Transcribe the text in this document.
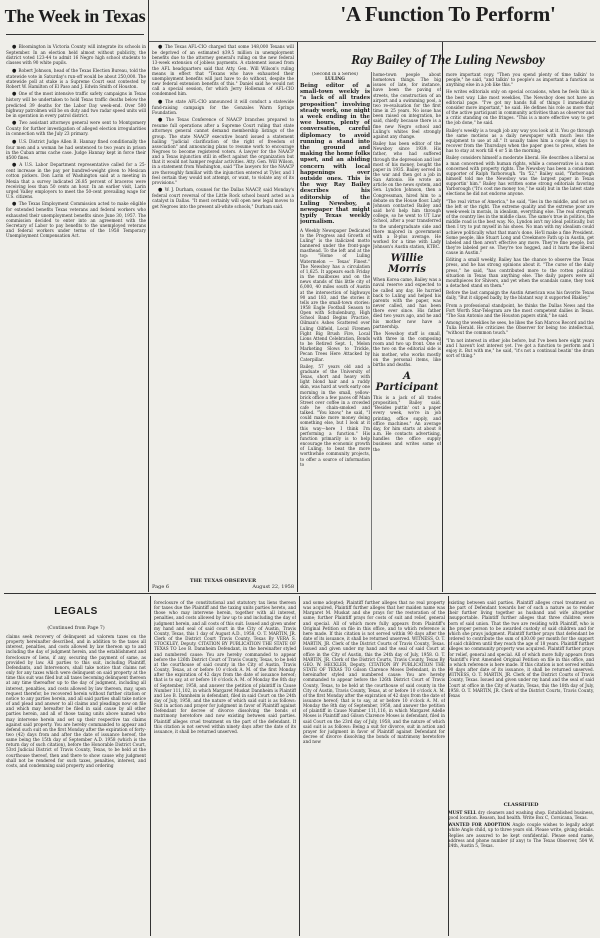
The Week in Texas

● Bloomington in Victoria County will integrate its schools in September. In an election held almost without publicity, the district voted 123-44 to admit 16 Negro high school students to classes with 90 white pupils.

● Robert Johnson, head of the Texas Election Bureau, told the statewide vote in Saturday's run-off would be about 250,000. The statewide poll at stake is a Supreme Court seat contested by Robert W. Hamilton of El Paso and J. Edwin Smith of Houston.

● One of the most intensive traffic safety campaigns in Texas history will be undertaken to hold Texas traffic deaths below the predicted 39 deaths for the Labor Day week-end. Over 500 highway patrolmen will be on duty and two radar speed units will be in operation in every patrol district.

● Two assistant attorneys general were sent to Montgomery County for further investigation of alleged election irregularities in connection with the July 23 primary.

● U.S. District Judge Allen B. Hannay fined conditionally the four men and a woman he had sentenced to two years in prison in the Cuban arms cache case. Judge Hannay kept in force their $500 fines.

● A U.S. Labor Department representative called for a 25-cent increase in the pay per hundred-weight given to Mexican cotton pickers. Don Larin of Washington said at a meeting in Mexia that a survey indicated 26.85 percent of braceros were receiving less than 50 cents an hour. In an earlier visit, Larin urged Valley employers to meet the 50-cent prevailing wage for U.S. citizens.

● The Texas Employment Commission acted to make eligible for extended benefits Texas veterans and federal workers who exhausted their unemployment benefits since June 30, 1957. The commission decided to enter into an agreement with the Secretary of Labor to pay benefits to the unemployed veterans and federal workers under terms of the 1958 Temporary Unemployment Compensation Act.

● The Texas AFL-CIO charged that some 148,000 Texans will be deprived of an estimated $39.5 million in unemployment benefits due to the attorney general's ruling on the new federal 13-week extension of jobless payments. A statement issued from the AFL headquarters said that Atty. Gen. Will Wilson's ruling means in effect that "Texans who have exhausted their unemployment benefits will just have to do without, despite the new federal extension benefits of this." Daniel said he would not call a special session, for which Jerry Holleman of AFL-CIO condemned him.

● The state AFL-CIO announced it will conduct a statewide fund-raising campaign for the Gonzales Warm Springs Foundation.

● The Texas Conference of NAACP branches prepared to resume full operations after a Supreme Court ruling that state attorneys general cannot demand membership listings of the group. The state NAACP executive board issued a statement hailing "judicial clarification of the right of freedom of association" and announcing plans to resume work to encourage Negroes to become registered voters. A lawyer for the NAACP and a Texas injunction still in effect against the organization but that it would not hamper regular activities. Atty. Gen. Will Wilson, in a statement from Washington, said "The lawyers for the NAACP are thoroughly familiar with the injunction entered at Tyler, and I feel certain they would not attempt, or want, to violate any of its provisions."

● W. J. Durham, counsel for the Dallas NAACP, said Monday's federal court reversal of the Little Rock school board acted as a catalyst in Dallas. "It most certainly will open new legal moves to get Negroes into the present all-white schools," Durham said.

THE TEXAS OBSERVER
Page 6	August 22, 1958
'A Function To Perform'
Ray Bailey of The Luling Newsboy
(Second in a Series)
LULING

Being editor of a small-town weekly is "a lack of all trades proposition" involving steady work, one night a week ending in the wee hours, plenty of conversation, careful diplomacy to avoid running a stand into the ground and making the home folks upset, and an abiding concern with local happenings over outside ones. This is the way Ray Bailey describes his editorship of the Luling Newsboy, a newspaper that might typify Texas weekly journalism.

A Weekly Newspaper Dedicated to the Progress and Growth of Luling" is the italicized motto bannered under the front-page masthead. To the left and at the top: "Home of Luling Watermelon — Texas' Finest." The Newsboy has a circulation of 1,625. It appears each Friday in the mailboxes and on the news stands of this little city of 6,000, 40 miles south of Austin at the intersection of highways 90 and 183, and the stories it tells are the small-town stories: 1958 Eagle Football Season to Open with Schulenburg, High School Band Begins Practice, Oilman's Ashes Scattered over Luling Oilfield, Local Firemen Fight Big Brush Fire, Local Lions Attend Celebration, Bonds to be Retired Sept. 1, Melon Marketing Slows to Trickle, Pecan Trees Here Attacked by Caterpillar.

Bailey, 57 years old and a graduate of the University of Texas, short and heavy with light blond hair and a ruddy skin, was hard at work early one morning in the small, yellow-brick office a few paces off Main Street over coffee in a crowded cafe he chain-smoked and talked. "You know," he said, "I could make more money doing something else, but I look at it this way—here I think I'm performing a function." His function primarily is to help encourage the economic growth of Luling, to beat the more worthwhile community projects, to offer a source of information to

home-town people about hometown things. The big issues of late, for instance, have been the paving of streets, the construction of an airport and a swimming pool, a two re-evaluation for the first time in 25 years. No issue has been raised on integration, he said, chiefly because there is a fine new Negro school and Luling's whites feel strongly against any change.

Bailey has been editor of the Newsboy since 1939. His father, who had suffered through the depression and lost most of his money, bought the paper in 1935. Bailey served in the war and then got a job in San Antonio. He wrote an article on the news system, and Sen. Lyndon Johnson, then a Congressman, hired him to a debate on the House floor. Lady Johnson contacted Bailey and said he'd help him through college, so he went to UT Law School, after a year transferred to the undergraduate side and there majored in government with a B-plus average. He worked for a time with Lady Johnson's Austin station, KTBC.

Willie Morris

When Korea came, Bailey was a naval reserve and expected to be called any day. He hurried back to Luling and helped his parents with the paper, was never called, and has been there ever since. His father died two years ago, and he and his mother now have a partnership.

The Newsboy staff is small, with three in the composing room and two up front. One of the two on the editorial side is his mother, who works mostly on the personal items, like births and deaths.

A Participant

This is a jack of all trades proposition," Bailey said. "Besides puttin' out a paper every week, we're in job printing, office supply, and office machines." An average day, for him starts at about 8 a.m. He contacts advertising, handles the office supply business and writes some of the

more important copy. "Then you spend plenty of time talkin' to people," he said, "and talkin' to people's as important a function as anything else in a job like this."

He writes editorials only on special occasions, when he feels this is the best way. Like most weeklies, The Newsboy does not have an editorial page. "I've got my hands full of things I immediately consider more important," he said. He defines his role as more that of the active participant in community activities than as observer and a critic standing on the fringes. "This is a more effective way to get the job done," he said.

Bailey's weekly is a tough job any way you look at it. You go through the same motions as a daily newspaper with much less the equipment to use at all." It usually takes him a couple of days to recover from the Thursdays when the paper goes to press, when he has to stay at work till 4 or 5 in the morning.

Bailey considers himself a moderate liberal. He describes a liberal as a man concerned with human rights, while a conservative is a man concerned with property rights. The Newsboy has been a consistent supporter of Ralph Yarborough. "In '52," Bailey said, "Yarborough himself told me the Newsboy was the largest paper in Texas supportin' him." Bailey has written some strong editorials favoring Yarborough ("It's cost me money too," he said) but in the latest state elections he did not endorse anyone.

"The real virtue of America," he said, "lies in the middle, and not on the left or the right. The extreme quality and the extreme poor are week-week in morals, in idealism, everything else. The real strength of the country lies in the middle class. The same's true in politics, the middle road is the best way. No, Lyndon isn't my ideal politically, but then I try to put myself in his shoes. No man with my idealism could achieve politically what that man's done. He'll make a fine President. Some people, like Stuart Long and Creekmore Fath up in Austin, get labeled and then aren't effective any more. They're fine people, but they're labeled per se. They're too hogged, and it hurts the liberal cause in Austin."

Editing a small weekly, Bailey has the chance to observe the Texas press, and he has strong opinions about it. "The curse of the daily press," he said, "has contributed more to the rotten political situation in Texas than anything else. The daily papers were all mouthpieces for Shivers, and yet when the scandals came, they took a detached stand on them."

Before the last campaign the Austin American was his favorite Texas daily, "But it slipped badly, by the blatant way it supported Blakley."

From a professional standpoint, he thinks the Dallas News and the Fort Worth Star-Telegram are the most competent dailies in Texas. "The San Antonio and the Houston papers stink," he said.

Among the weeklies he sees, he likes the San Marcos Record and the Tulia Herald. He criticizes the Observer for being too intellectual, "without the common touch."

"I'm not interest in other jobs before, but I've been here eight years and I haven't lost interest yet. I've got a function to perform and I enjoy it. But with me," he said, "it's not a continual beatin' the drum sort of thing."

LEGALS
(Continued from Page 7)
claims seek recovery of delinquent ad valorem taxes on the property hereinafter described, and in addition to the taxes all interest, penalties, and costs allowed by law thereon up to and including the day of judgment herein, and the establishment and foreclosure of liens, if any, securing the payment of same, as provided by law. All parties to this suit, including Plaintiff, Defendants, and Intervenors, shall take notice that claims not only for any taxes which were delinquent on said property at the time this suit was filed but all taxes becoming delinquent thereon at any time thereafter up to the day of judgment, including all interest, penalties, and costs allowed by law thereon, may, upon request therefor, be recovered herein without further citation or notice to any parties herein, and all said parties shall take notice of and plead and answer to all claims and pleadings now on file and which may hereafter be filed in said cause by all other parties herein, and all of those taxing units above named who may intervene herein and set up their respective tax claims against said property. You are hereby commanded to appear and defend such suit on the first Monday after the expiration of forty-two (42) days from and after the date of issuance hereof, the same being the 15th day of September A.D. 1958 (which is the return day of such citation), before the Honorable District Court, 53rd Judicial District of Travis County, Texas, to be held at the courthouse thereof, then and there to show cause why judgment shall not be rendered for such taxes, penalties, interest, and costs, and condemning said property and ordering
foreclosure of the constitutional and statutory tax liens thereon for taxes due the Plaintiff and the taxing units parties hereto, and those who may intervene herein, together with all interest, penalties, and costs allowed by law up to and including the day of judgment herein, and all costs of this suit. Issued and given under my hand and seal of said court in the City of Austin, Travis County, Texas, this 1 day of August A.D., 1958. O. T. MARTIN, JR. Clerk of the District Court Travis County, Texas By VERA S. STOCKLEY, Deputy. CITATION BY PUBLICATION THE STATE OF TEXAS TO Leo B. Dannheim Defendant, in the hereinafter styled and numbered cause: You are hereby commanded to appear before the 126th District Court of Travis County, Texas, to be held at the courthouse of said county in the City of Austin, Travis County, Texas, at or before 10 o'clock A. M. of the first Monday after the expiration of 42 days from the date of issuance hereof; that is to say, at or before 10 o'clock A. M. of Monday the 8th day of September, 1958, and answer the petition of plaintiff in Cause Number 111,102, in which Margaret Muskat Dannheim is Plaintiff and Leo B. Dannheim is defendant, filed in said Court on the 24th day of July, 1958, and the nature of which said suit is as follows: Suit in action and prayer for judgment in favor of Plaintiff against Defendant for decree of divorce dissolving the bonds of matrimony heretofore and now existing between said parties. Plaintiff alleges cruel treatment on the part of the defendant. If this citation is not served within ninety days after the date of its issuance, it shall be returned unserved.
and some adopted; Plaintiff further alleges that no real property was acquired, Plaintiff further alleges that her maiden name was Margaret M. Muskat and she prays for the restoration of the same; further Plaintiff prays for costs of suit and relief, general and special. All of which more fully appears from Plaintiff's Original Petition on file in this office, and to which reference is here made. If this citation is not served within 90 days after the date of its issuance, it shall be returned unserved. WITNESS, O. T. MARTIN, JR. Clerk of the District Courts of Travis County, Texas. Issued and given under my hand and the seal of said Court at office in the City of Austin, this the 24th day of July, 1958. O. T. MARTIN, JR. Clerk of the District Courts, Travis County, Texas By GEO. W. HECKLER, Deputy. CITATION BY PUBLICATION THE STATE OF TEXAS TO Gilson Clarence Moses Defendant, in the hereinafter styled and numbered cause: You are hereby commanded to appear before the 126th District Court of Travis County, Texas, to be held at the courthouse of said county in the City of Austin, Travis County, Texas, at or before 10 o'clock A. M. of the first Monday after the expiration of 42 days from the date of issuance hereof; that is to say, at or before 10 o'clock A. M. of Monday the 8th day of September, 1958, and answer the petition of plaintiff in Cause Number 111,116, in which Margaret Adelle Moses is Plaintiff and Gilson Clarence Moses is defendant, filed in said Court on the 23rd day of July, 1958, and the nature of which said suit is as follows: Being a suit for divorce, suit in action and prayer for judgment in favor of Plaintiff against Defendant for decree of divorce dissolving the bonds of matrimony heretofore and now
existing between said parties. Plaintiff alleges cruel treatment on the part of Defendant towards her of such a nature as to render their further living together as husband and wife altogether insupportable. Plaintiff further alleges that three children were born of said union. That the two are residing with Plaintiff, who is the proper person to be awarded custody of said children and for which she prays judgment. Plaintiff further prays that defendant be ordered to contribute the sum of $30.00 per month for the support of said children until they reach the age of 18 years. Plaintiff further alleges no community property was acquired. Plaintiff further prays for relief, general and special. All of which more fully appears from Plaintiff's First Amended Original Petition on file in this office, and to which reference is here made. If this citation is not served within 90 days after date of its issuance, it shall be returned unserved. WITNESS, O. T. MARTIN, JR. Clerk of the District Courts of Travis County, Texas. Issued and given under my hand and the seal of said Court at office in the City of Austin, Texas, this the 18th day of July, 1958. O. T. MARTIN, JR. Clerk of the District Courts, Travis County, Texas
CLASSIFIED

MUST SELL dry cleaners and washing shop. Established business, good location. Reason, bad health. Write Box C, Corsicana, Texas.

WANTED FOR ADOPTION Anglo couple wishes to legally adopt white Anglo child, up to three years old. Please write, giving details. Replies are assured to be kept confidential. Please send name, address and phone number (if any) to The Texas Observer, 504 W. 24th, Austin 5, Texas.
